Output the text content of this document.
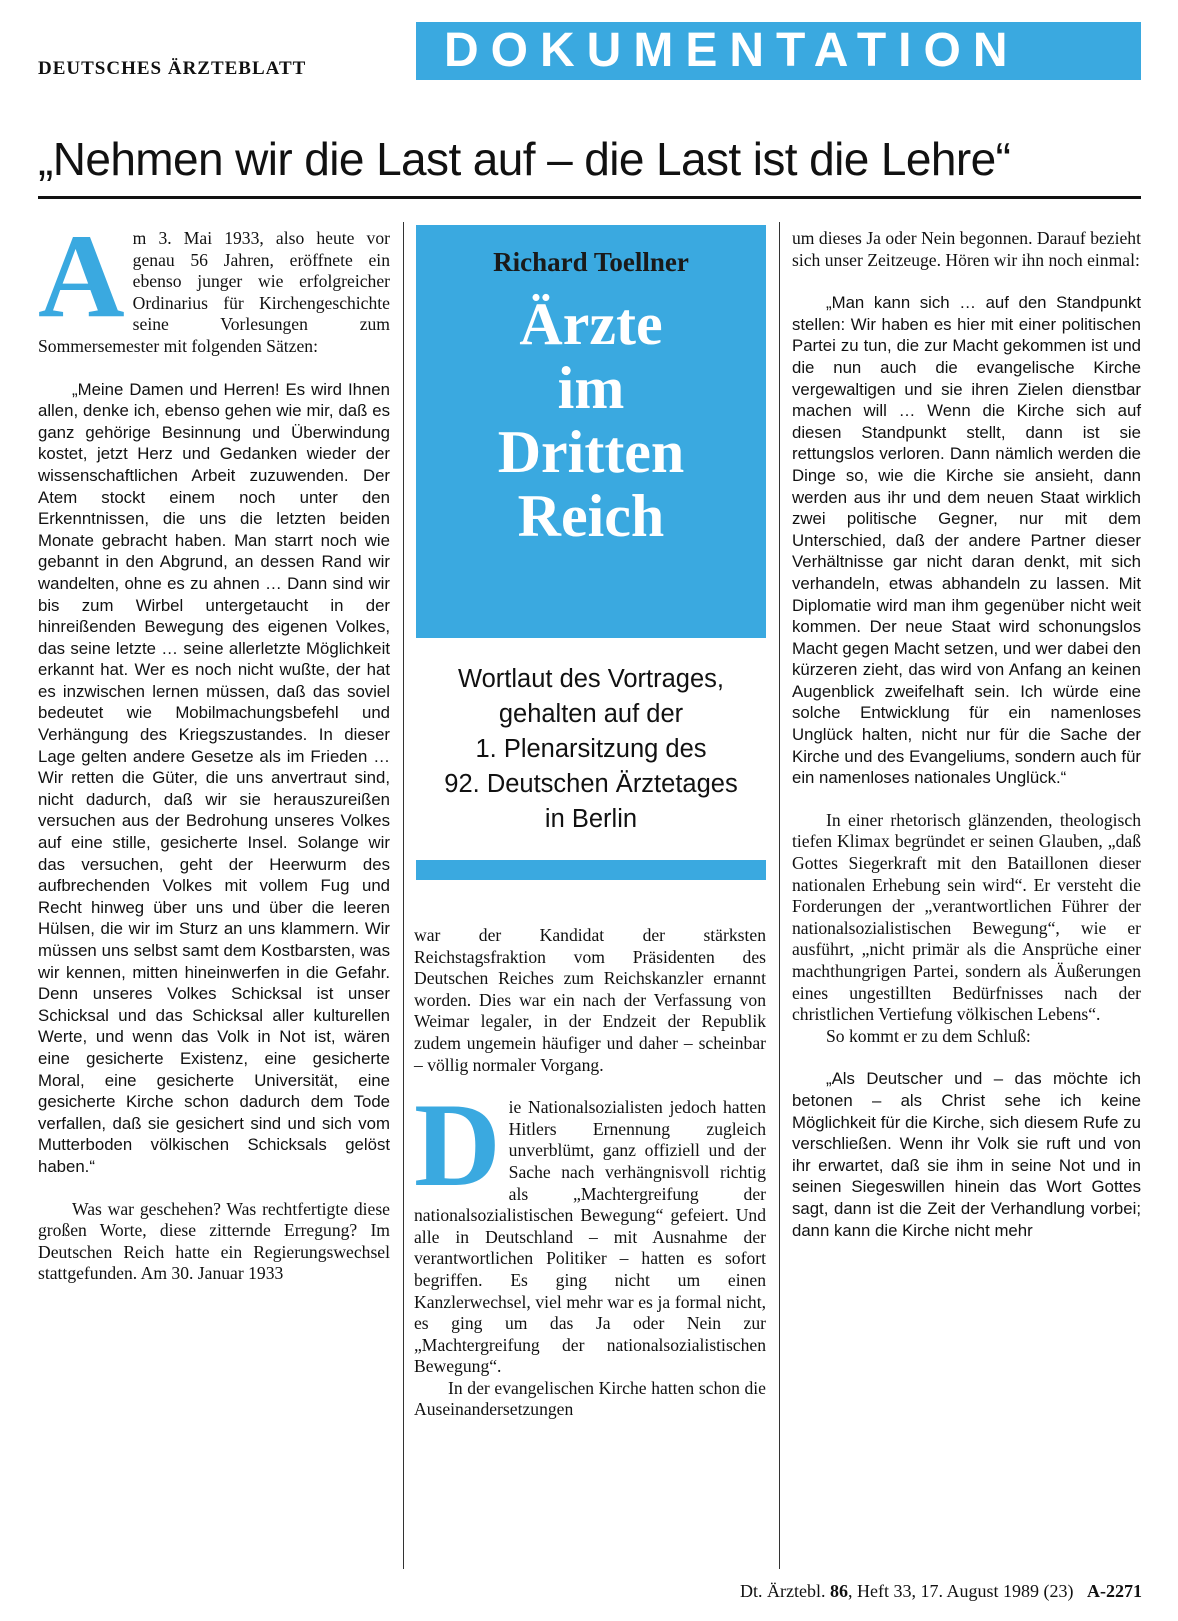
DEUTSCHES ÄRZTEBLATT	DOKUMENTATION
„Nehmen wir die Last auf – die Last ist die Lehre“

Am 3. Mai 1933, also heute vor genau 56 Jahren, eröffnete ein ebenso junger wie erfolgreicher Ordinarius für Kirchengeschichte seine Vorlesungen zum Sommersemester mit folgenden Sätzen:

„Meine Damen und Herren! Es wird Ihnen allen, denke ich, ebenso gehen wie mir, daß es ganz gehörige Besinnung und Überwindung kostet, jetzt Herz und Gedanken wieder der wissenschaftlichen Arbeit zuzuwenden. Der Atem stockt einem noch unter den Erkenntnissen, die uns die letzten beiden Monate gebracht haben. Man starrt noch wie gebannt in den Abgrund, an dessen Rand wir wandelten, ohne es zu ahnen … Dann sind wir bis zum Wirbel untergetaucht in der hinreißenden Bewegung des eigenen Volkes, das seine letzte … seine allerletzte Möglichkeit erkannt hat. Wer es noch nicht wußte, der hat es inzwischen lernen müssen, daß das soviel bedeutet wie Mobilmachungsbefehl und Verhängung des Kriegszustandes. In dieser Lage gelten andere Gesetze als im Frieden … Wir retten die Güter, die uns anvertraut sind, nicht dadurch, daß wir sie herauszureißen versuchen aus der Bedrohung unseres Volkes auf eine stille, gesicherte Insel. Solange wir das versuchen, geht der Heerwurm des aufbrechenden Volkes mit vollem Fug und Recht hinweg über uns und über die leeren Hülsen, die wir im Sturz an uns klammern. Wir müssen uns selbst samt dem Kostbarsten, was wir kennen, mitten hineinwerfen in die Gefahr. Denn unseres Volkes Schicksal ist unser Schicksal und das Schicksal aller kulturellen Werte, und wenn das Volk in Not ist, wären eine gesicherte Existenz, eine gesicherte Moral, eine gesicherte Universität, eine gesicherte Kirche schon dadurch dem Tode verfallen, daß sie gesichert sind und sich vom Mutterboden völkischen Schicksals gelöst haben.“

Was war geschehen? Was rechtfertigte diese großen Worte, diese zitternde Erregung? Im Deutschen Reich hatte ein Regierungswechsel stattgefunden. Am 30. Januar 1933

Richard Toellner
Ärzte
im
Dritten
Reich
Wortlaut des Vortrages,
gehalten auf der
1. Plenarsitzung des
92. Deutschen Ärztetages
in Berlin

war der Kandidat der stärksten Reichstagsfraktion vom Präsidenten des Deutschen Reiches zum Reichskanzler ernannt worden. Dies war ein nach der Verfassung von Weimar legaler, in der Endzeit der Republik zudem ungemein häufiger und daher – scheinbar – völlig normaler Vorgang.

Die Nationalsozialisten jedoch hatten Hitlers Ernennung zugleich unverblümt, ganz offiziell und der Sache nach verhängnisvoll richtig als „Machtergreifung der nationalsozialistischen Bewegung“ gefeiert. Und alle in Deutschland – mit Ausnahme der verantwortlichen Politiker – hatten es sofort begriffen. Es ging nicht um einen Kanzlerwechsel, viel mehr war es ja formal nicht, es ging um das Ja oder Nein zur „Machtergreifung der nationalsozialistischen Bewegung“.

In der evangelischen Kirche hatten schon die Auseinandersetzungen

um dieses Ja oder Nein begonnen. Darauf bezieht sich unser Zeitzeuge. Hören wir ihn noch einmal:

„Man kann sich … auf den Standpunkt stellen: Wir haben es hier mit einer politischen Partei zu tun, die zur Macht gekommen ist und die nun auch die evangelische Kirche vergewaltigen und sie ihren Zielen dienstbar machen will … Wenn die Kirche sich auf diesen Standpunkt stellt, dann ist sie rettungslos verloren. Dann nämlich werden die Dinge so, wie die Kirche sie ansieht, dann werden aus ihr und dem neuen Staat wirklich zwei politische Gegner, nur mit dem Unterschied, daß der andere Partner dieser Verhältnisse gar nicht daran denkt, mit sich verhandeln, etwas abhandeln zu lassen. Mit Diplomatie wird man ihm gegenüber nicht weit kommen. Der neue Staat wird schonungslos Macht gegen Macht setzen, und wer dabei den kürzeren zieht, das wird von Anfang an keinen Augenblick zweifelhaft sein. Ich würde eine solche Entwicklung für ein namenloses Unglück halten, nicht nur für die Sache der Kirche und des Evangeliums, sondern auch für ein namenloses nationales Unglück.“

In einer rhetorisch glänzenden, theologisch tiefen Klimax begründet er seinen Glauben, „daß Gottes Siegerkraft mit den Bataillonen dieser nationalen Erhebung sein wird“. Er versteht die Forderungen der „verantwortlichen Führer der nationalsozialistischen Bewegung“, wie er ausführt, „nicht primär als die Ansprüche einer machthungrigen Partei, sondern als Äußerungen eines ungestillten Bedürfnisses nach der christlichen Vertiefung völkischen Lebens“.

So kommt er zu dem Schluß:

„Als Deutscher und – das möchte ich betonen – als Christ sehe ich keine Möglichkeit für die Kirche, sich diesem Rufe zu verschließen. Wenn ihr Volk sie ruft und von ihr erwartet, daß sie ihm in seine Not und in seinen Siegeswillen hinein das Wort Gottes sagt, dann ist die Zeit der Verhandlung vorbei; dann kann die Kirche nicht mehr

Dt. Ärztebl. 86, Heft 33, 17. August 1989 (23) A-2271
